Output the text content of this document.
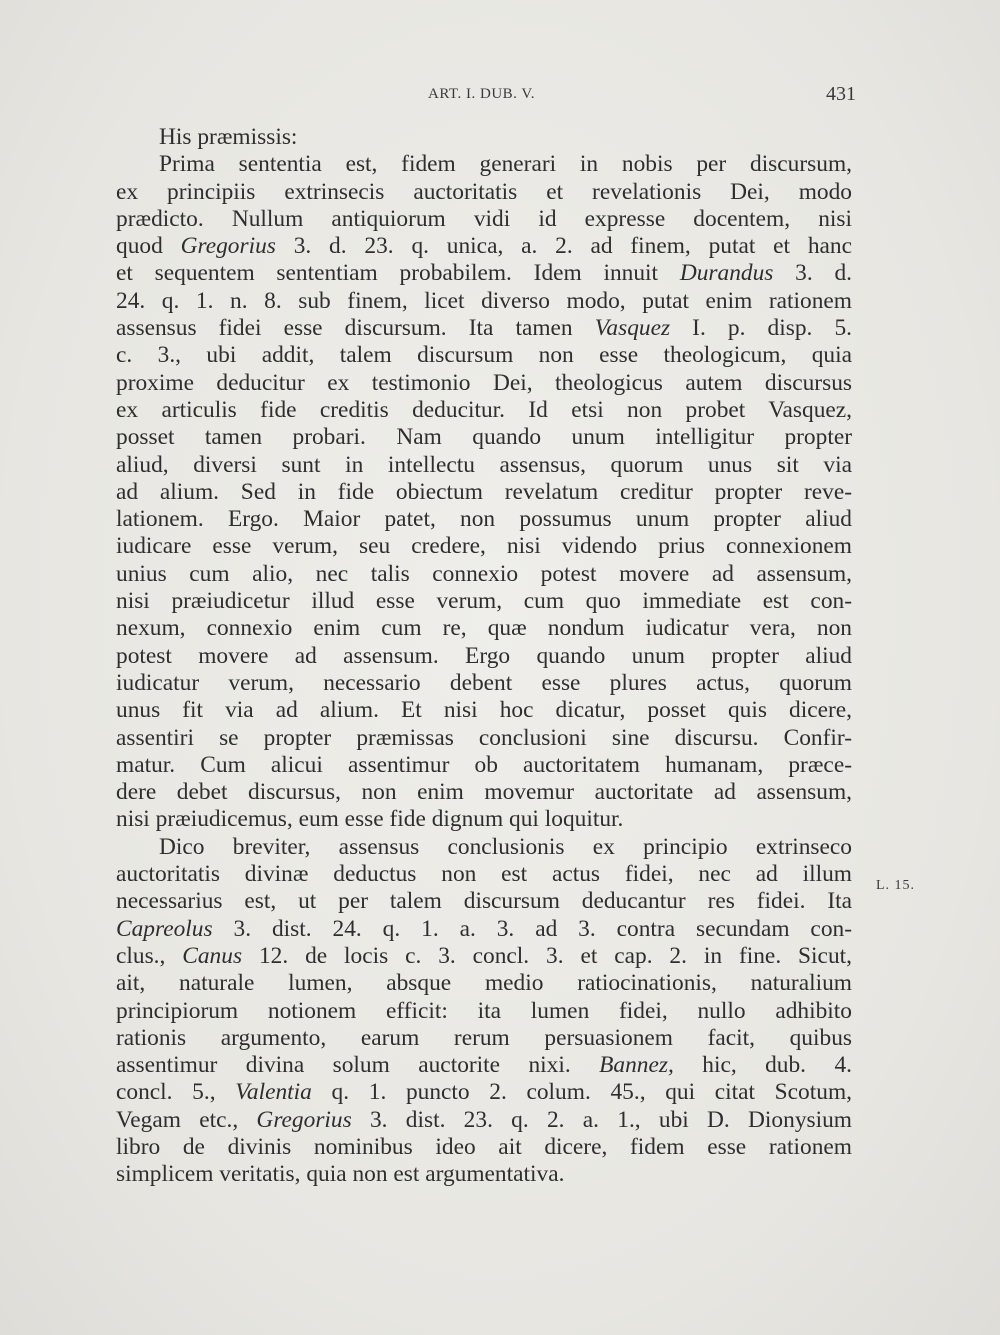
ART. I. DUB. V.	431
His præmissis:
Prima sententia est, fidem generari in nobis per discursum,
ex principiis extrinsecis auctoritatis et revelationis Dei, modo
prædicto. Nullum antiquiorum vidi id expresse docentem, nisi
quod Gregorius 3. d. 23. q. unica, a. 2. ad finem, putat et hanc
et sequentem sententiam probabilem. Idem innuit Durandus 3. d.
24. q. 1. n. 8. sub finem, licet diverso modo, putat enim rationem
assensus fidei esse discursum. Ita tamen Vasquez I. p. disp. 5.
c. 3., ubi addit, talem discursum non esse theologicum, quia
proxime deducitur ex testimonio Dei, theologicus autem discursus
ex articulis fide creditis deducitur. Id etsi non probet Vasquez,
posset tamen probari. Nam quando unum intelligitur propter
aliud, diversi sunt in intellectu assensus, quorum unus sit via
ad alium. Sed in fide obiectum revelatum creditur propter reve-
lationem. Ergo. Maior patet, non possumus unum propter aliud
iudicare esse verum, seu credere, nisi videndo prius connexionem
unius cum alio, nec talis connexio potest movere ad assensum,
nisi præiudicetur illud esse verum, cum quo immediate est con-
nexum, connexio enim cum re, quæ nondum iudicatur vera, non
potest movere ad assensum. Ergo quando unum propter aliud
iudicatur verum, necessario debent esse plures actus, quorum
unus fit via ad alium. Et nisi hoc dicatur, posset quis dicere,
assentiri se propter præmissas conclusioni sine discursu. Confir-
matur. Cum alicui assentimur ob auctoritatem humanam, præce-
dere debet discursus, non enim movemur auctoritate ad assensum,
nisi præiudicemus, eum esse fide dignum qui loquitur.
Dico breviter, assensus conclusionis ex principio extrinseco
auctoritatis divinæ deductus non est actus fidei, nec ad illum
necessarius est, ut per talem discursum deducantur res fidei. Ita
Capreolus 3. dist. 24. q. 1. a. 3. ad 3. contra secundam con-
clus., Canus 12. de locis c. 3. concl. 3. et cap. 2. in fine. Sicut,
ait, naturale lumen, absque medio ratiocinationis, naturalium
principiorum notionem efficit: ita lumen fidei, nullo adhibito
rationis argumento, earum rerum persuasionem facit, quibus
assentimur divina solum auctorite nixi. Bannez, hic, dub. 4.
concl. 5., Valentia q. 1. puncto 2. colum. 45., qui citat Scotum,
Vegam etc., Gregorius 3. dist. 23. q. 2. a. 1., ubi D. Dionysium
libro de divinis nominibus ideo ait dicere, fidem esse rationem
simplicem veritatis, quia non est argumentativa.
L. 15.
